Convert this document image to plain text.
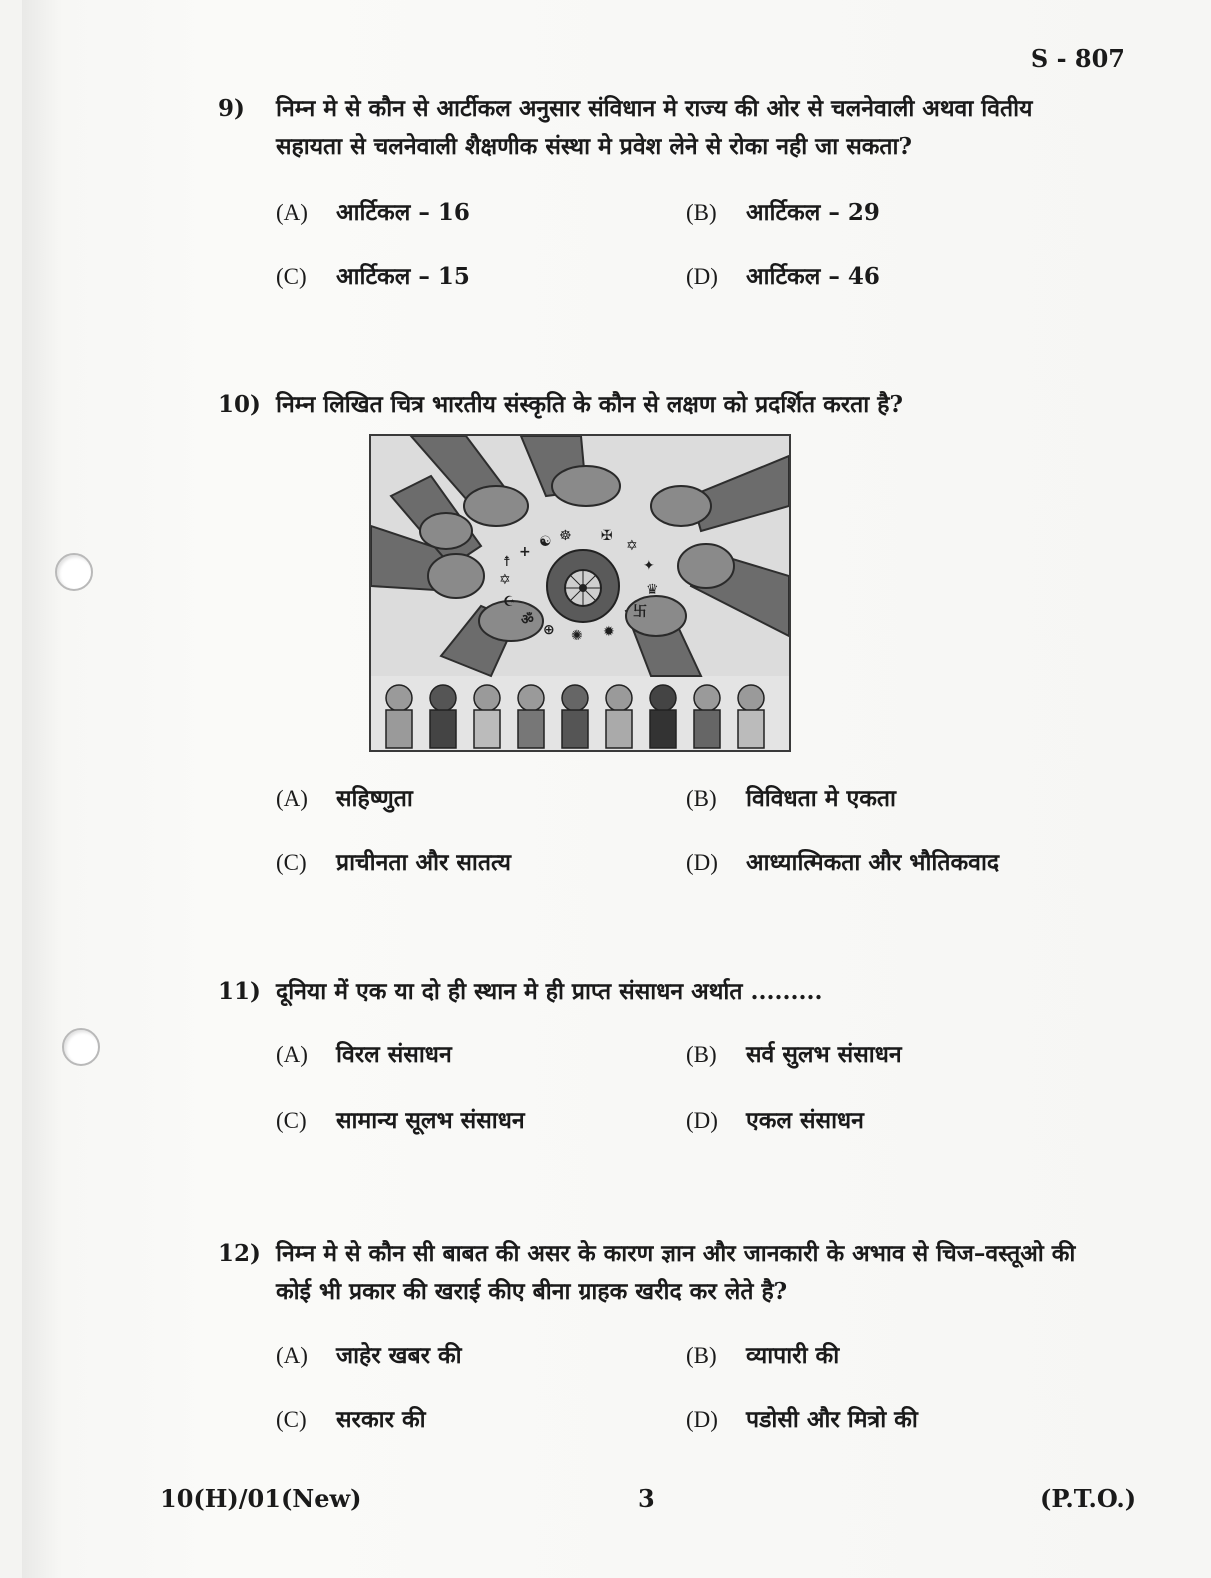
S - 807
9)	निम्न मे से कौन से आर्टीकल अनुसार संविधान मे राज्य की ओर से चलनेवाली अथवा वितीय
सहायता से चलनेवाली शैक्षणीक संस्था मे प्रवेश लेने से रोका नही जा सकता?
(A) आर्टिकल – 16	(B) आर्टिकल – 29
(C) आर्टिकल – 15	(D) आर्टिकल – 46
10) निम्न लिखित चित्र भारतीय संस्कृति के कौन से लक्षण को प्रदर्शित करता है?
+
☯ ☸ ✠
✡
✦
♛
卐
✹
✺
⊕
ॐ
☪
✡
☨
(A) सहिष्णुता	(B) विविधता मे एकता
(C) प्राचीनता और सातत्य	(D) आध्यात्मिकता और भौतिकवाद
11) दूनिया में एक या दो ही स्थान मे ही प्राप्त संसाधन अर्थात .........
(A) विरल संसाधन	(B) सर्व सुलभ संसाधन
(C) सामान्य सूलभ संसाधन	(D) एकल संसाधन
12) निम्न मे से कौन सी बाबत की असर के कारण ज्ञान और जानकारी के अभाव से चिज–वस्तूओ की
कोई भी प्रकार की खराई कीए बीना ग्राहक खरीद कर लेते है?
(A) जाहेर खबर की	(B) व्यापारी की
(C) सरकार की	(D) पडोसी और मित्रो की
10(H)/01(New)	3	(P.T.O.)
